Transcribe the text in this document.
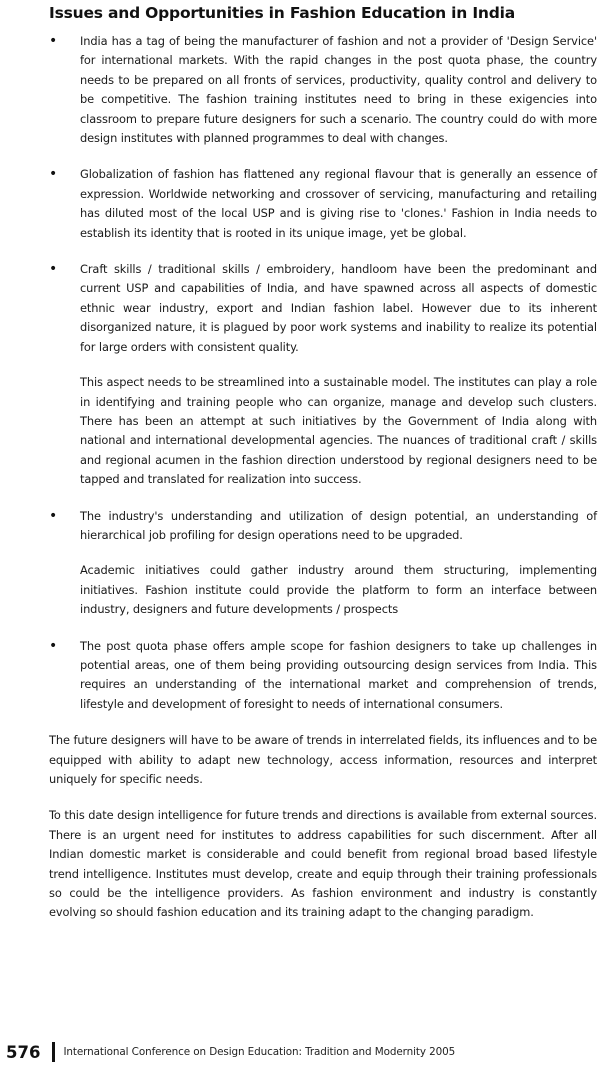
Issues and Opportunities in Fashion Education in India
• India has a tag of being the manufacturer of fashion and not a provider of 'Design Service' for international markets. With the rapid changes in the post quota phase, the country needs to be prepared on all fronts of services, productivity, quality control and delivery to be competitive. The fashion training institutes need to bring in these exigencies into classroom to prepare future designers for such a scenario. The country could do with more design institutes with planned programmes to deal with changes.

• Globalization of fashion has flattened any regional flavour that is generally an essence of expression. Worldwide networking and crossover of servicing, manufacturing and retailing has diluted most of the local USP and is giving rise to 'clones.' Fashion in India needs to establish its identity that is rooted in its unique image, yet be global.

• Craft skills / traditional skills / embroidery, handloom have been the predominant and current USP and capabilities of India, and have spawned across all aspects of domestic ethnic wear industry, export and Indian fashion label. However due to its inherent disorganized nature, it is plagued by poor work systems and inability to realize its potential for large orders with consistent quality.

This aspect needs to be streamlined into a sustainable model. The institutes can play a role in identifying and training people who can organize, manage and develop such clusters. There has been an attempt at such initiatives by the Government of India along with national and international developmental agencies. The nuances of traditional craft / skills and regional acumen in the fashion direction understood by regional designers need to be tapped and translated for realization into success.

• The industry's understanding and utilization of design potential, an understanding of hierarchical job profiling for design operations need to be upgraded.

Academic initiatives could gather industry around them structuring, implementing initiatives. Fashion institute could provide the platform to form an interface between industry, designers and future developments / prospects

• The post quota phase offers ample scope for fashion designers to take up challenges in potential areas, one of them being providing outsourcing design services from India. This requires an understanding of the international market and comprehension of trends, lifestyle and development of foresight to needs of international consumers.

The future designers will have to be aware of trends in interrelated fields, its influences and to be equipped with ability to adapt new technology, access information, resources and interpret uniquely for specific needs.

To this date design intelligence for future trends and directions is available from external sources. There is an urgent need for institutes to address capabilities for such discernment. After all Indian domestic market is considerable and could benefit from regional broad based lifestyle trend intelligence. Institutes must develop, create and equip through their training professionals so could be the intelligence providers. As fashion environment and industry is constantly evolving so should fashion education and its training adapt to the changing paradigm.

576 International Conference on Design Education: Tradition and Modernity 2005
